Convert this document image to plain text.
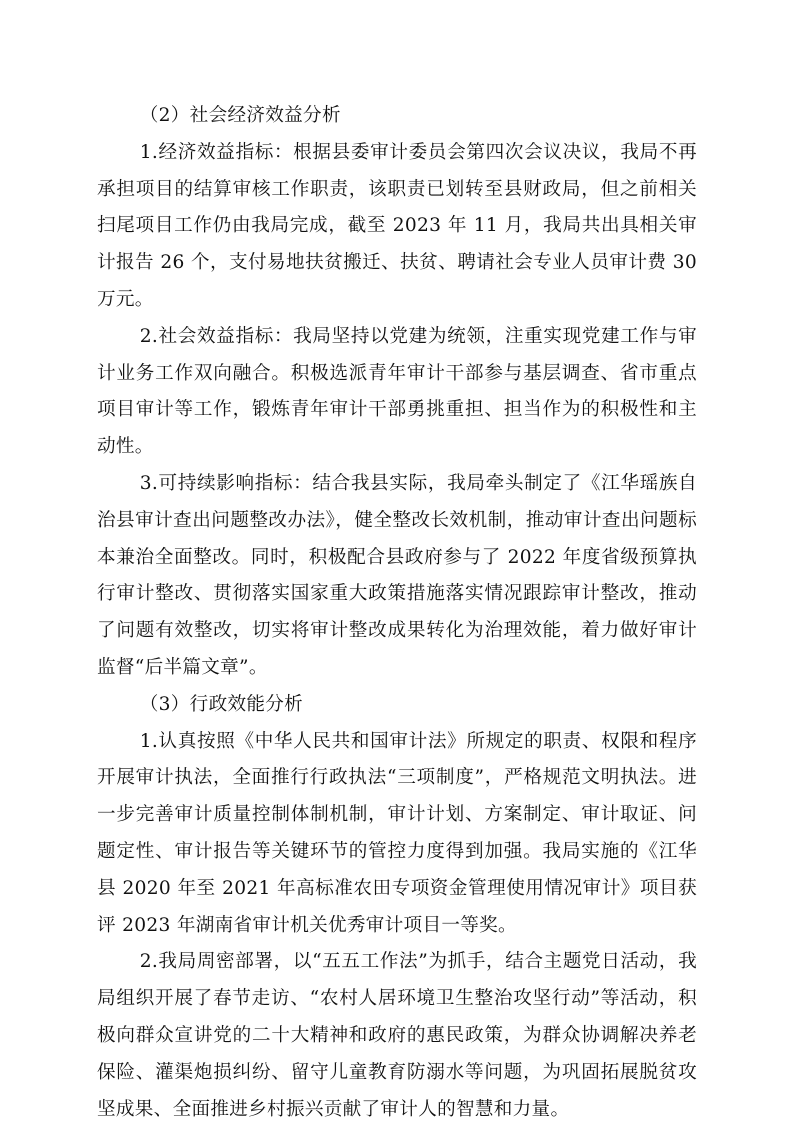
（2）社会经济效益分析

1.经济效益指标：根据县委审计委员会第四次会议决议，我局不再承担项目的结算审核工作职责，该职责已划转至县财政局，但之前相关扫尾项目工作仍由我局完成，截至 2023 年 11 月，我局共出具相关审计报告 26 个，支付易地扶贫搬迁、扶贫、聘请社会专业人员审计费 30 万元。

2.社会效益指标：我局坚持以党建为统领，注重实现党建工作与审计业务工作双向融合。积极选派青年审计干部参与基层调查、省市重点项目审计等工作，锻炼青年审计干部勇挑重担、担当作为的积极性和主动性。

3.可持续影响指标：结合我县实际，我局牵头制定了《江华瑶族自治县审计查出问题整改办法》，健全整改长效机制，推动审计查出问题标本兼治全面整改。同时，积极配合县政府参与了 2022 年度省级预算执行审计整改、贯彻落实国家重大政策措施落实情况跟踪审计整改，推动了问题有效整改，切实将审计整改成果转化为治理效能，着力做好审计监督“后半篇文章”。

（3）行政效能分析

1.认真按照《中华人民共和国审计法》所规定的职责、权限和程序开展审计执法，全面推行行政执法“三项制度”，严格规范文明执法。进一步完善审计质量控制体制机制，审计计划、方案制定、审计取证、问题定性、审计报告等关键环节的管控力度得到加强。我局实施的《江华县 2020 年至 2021 年高标准农田专项资金管理使用情况审计》项目获评 2023 年湖南省审计机关优秀审计项目一等奖。

2.我局周密部署，以“五五工作法”为抓手，结合主题党日活动，我局组织开展了春节走访、“农村人居环境卫生整治攻坚行动”等活动，积极向群众宣讲党的二十大精神和政府的惠民政策，为群众协调解决养老保险、灌渠炮损纠纷、留守儿童教育防溺水等问题，为巩固拓展脱贫攻坚成果、全面推进乡村振兴贡献了审计人的智慧和力量。
